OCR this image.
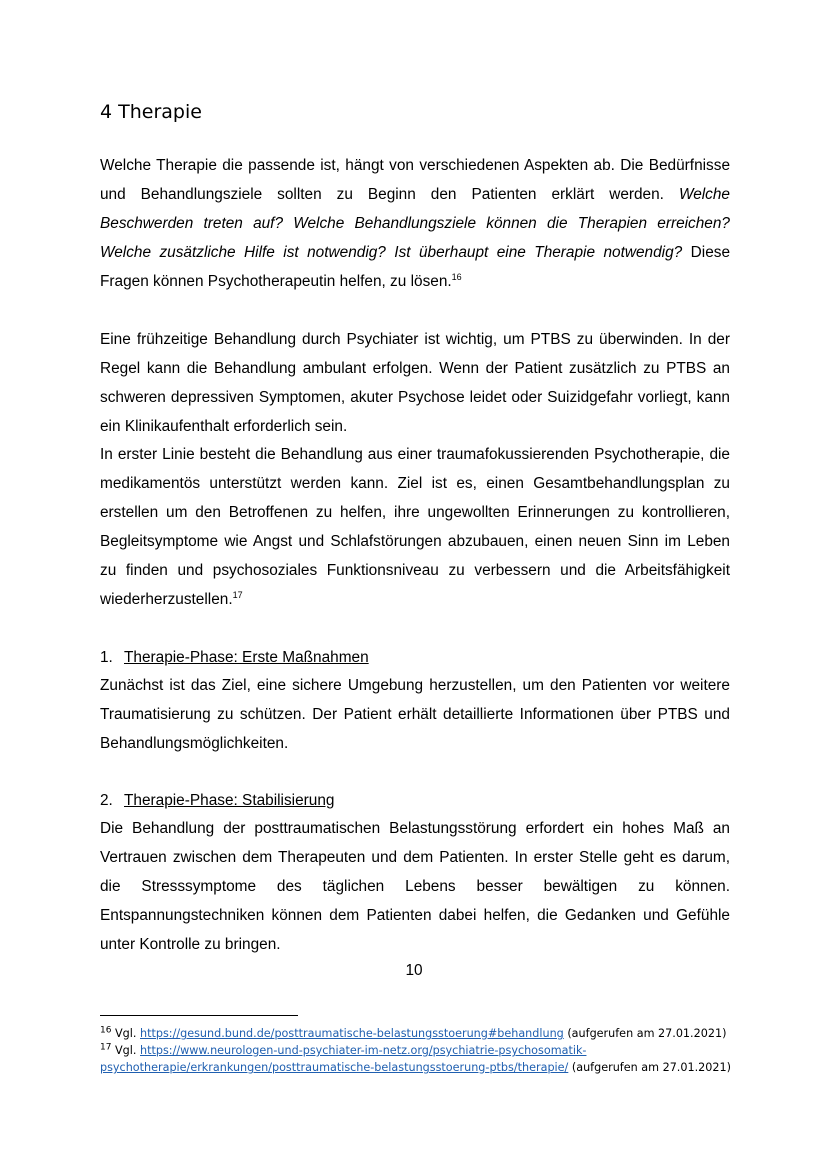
4 Therapie

Welche Therapie die passende ist, hängt von verschiedenen Aspekten ab. Die Bedürfnisse und Behandlungsziele sollten zu Beginn den Patienten erklärt werden. Welche Beschwerden treten auf? Welche Behandlungsziele können die Therapien erreichen? Welche zusätzliche Hilfe ist notwendig? Ist überhaupt eine Therapie notwendig? Diese Fragen können Psychotherapeutin helfen, zu lösen.$^{16}$

Eine frühzeitige Behandlung durch Psychiater ist wichtig, um PTBS zu überwinden. In der Regel kann die Behandlung ambulant erfolgen. Wenn der Patient zusätzlich zu PTBS an schweren depressiven Symptomen, akuter Psychose leidet oder Suizidgefahr vorliegt, kann ein Klinikaufenthalt erforderlich sein.

In erster Linie besteht die Behandlung aus einer traumafokussierenden Psychotherapie, die medikamentös unterstützt werden kann. Ziel ist es, einen Gesamtbehandlungsplan zu erstellen um den Betroffenen zu helfen, ihre ungewollten Erinnerungen zu kontrollieren, Begleitsymptome wie Angst und Schlafstörungen abzubauen, einen neuen Sinn im Leben zu finden und psychosoziales Funktionsniveau zu verbessern und die Arbeitsfähigkeit wiederherzustellen.$^{17}$

1. Therapie-Phase: Erste Maßnahmen

Zunächst ist das Ziel, eine sichere Umgebung herzustellen, um den Patienten vor weitere Traumatisierung zu schützen. Der Patient erhält detaillierte Informationen über PTBS und Behandlungsmöglichkeiten.

2. Therapie-Phase: Stabilisierung

Die Behandlung der posttraumatischen Belastungsstörung erfordert ein hohes Maß an Vertrauen zwischen dem Therapeuten und dem Patienten. In erster Stelle geht es darum, die Stresssymptome des täglichen Lebens besser bewältigen zu können. Entspannungstechniken können dem Patienten dabei helfen, die Gedanken und Gefühle unter Kontrolle zu bringen.

10
$^{16}$ Vgl. https://gesund.bund.de/posttraumatische-belastungsstoerung#behandlung (aufgerufen am 27.01.2021)
$^{17}$ Vgl. https://www.neurologen-und-psychiater-im-netz.org/psychiatrie-psychosomatik-psychotherapie/erkrankungen/posttraumatische-belastungsstoerung-ptbs/therapie/ (aufgerufen am 27.01.2021)
